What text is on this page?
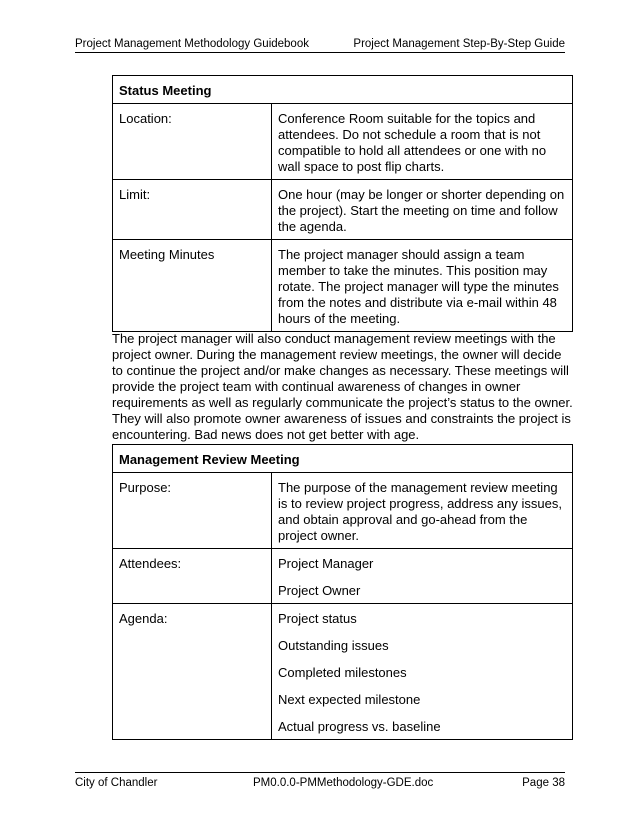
Project Management Methodology Guidebook	Project Management Step-By-Step Guide
Status Meeting	
Location:	Conference Room suitable for the topics and attendees. Do not schedule a room that is not compatible to hold all attendees or one with no wall space to post flip charts.
Limit:	One hour (may be longer or shorter depending on the project). Start the meeting on time and follow the agenda.
Meeting Minutes	The project manager should assign a team member to take the minutes. This position may rotate. The project manager will type the minutes from the notes and distribute via e-mail within 48 hours of the meeting.

The project manager will also conduct management review meetings with the project owner. During the management review meetings, the owner will decide to continue the project and/or make changes as necessary. These meetings will provide the project team with continual awareness of changes in owner requirements as well as regularly communicate the project’s status to the owner. They will also promote owner awareness of issues and constraints the project is encountering. Bad news does not get better with age.

Management Review Meeting	
Purpose:	The purpose of the management review meeting is to review project progress, address any issues, and obtain approval and go-ahead from the project owner.
Attendees:	Project Manager

Project Owner

Agenda:	Project status

Outstanding issues

Completed milestones

Next expected milestone

Actual progress vs. baseline

City of Chandler	PM0.0.0-PMMethodology-GDE.doc	Page 38
